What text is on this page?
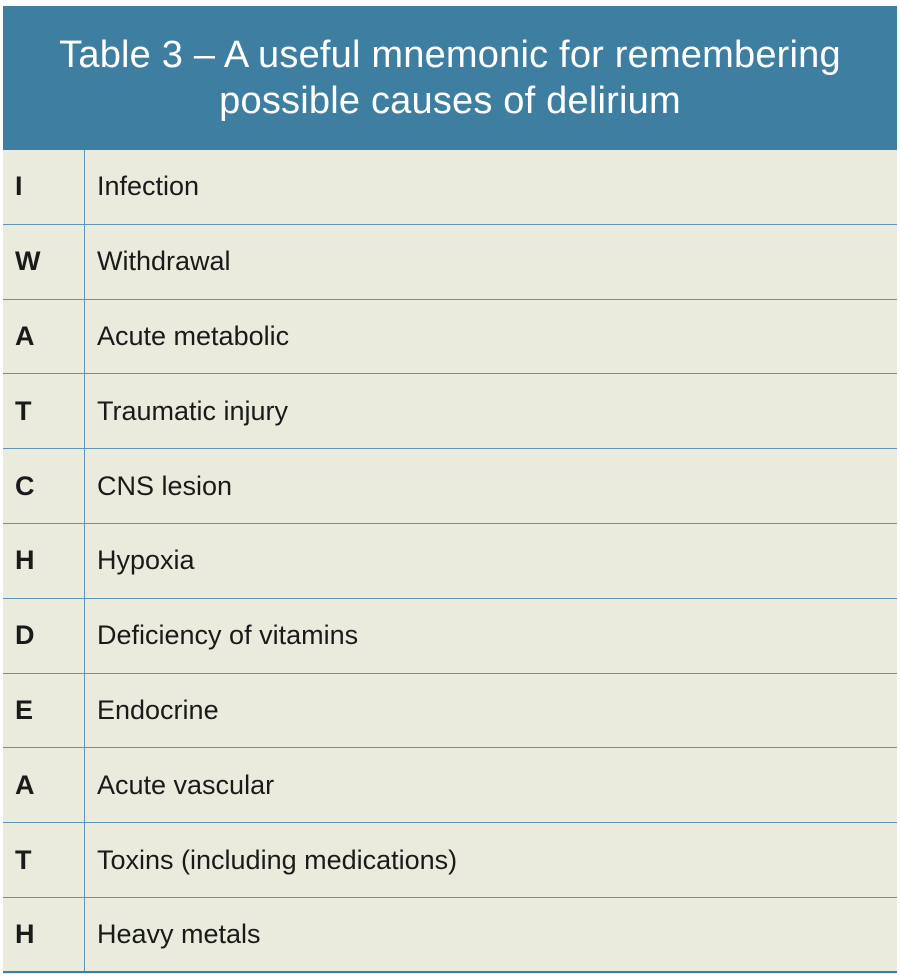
Table 3 – A useful mnemonic for remembering
possible causes of delirium
I	Infection
W	Withdrawal
A	Acute metabolic
T	Traumatic injury
C	CNS lesion
H	Hypoxia
D	Deficiency of vitamins
E	Endocrine
A	Acute vascular
T	Toxins (including medications)
H	Heavy metals
